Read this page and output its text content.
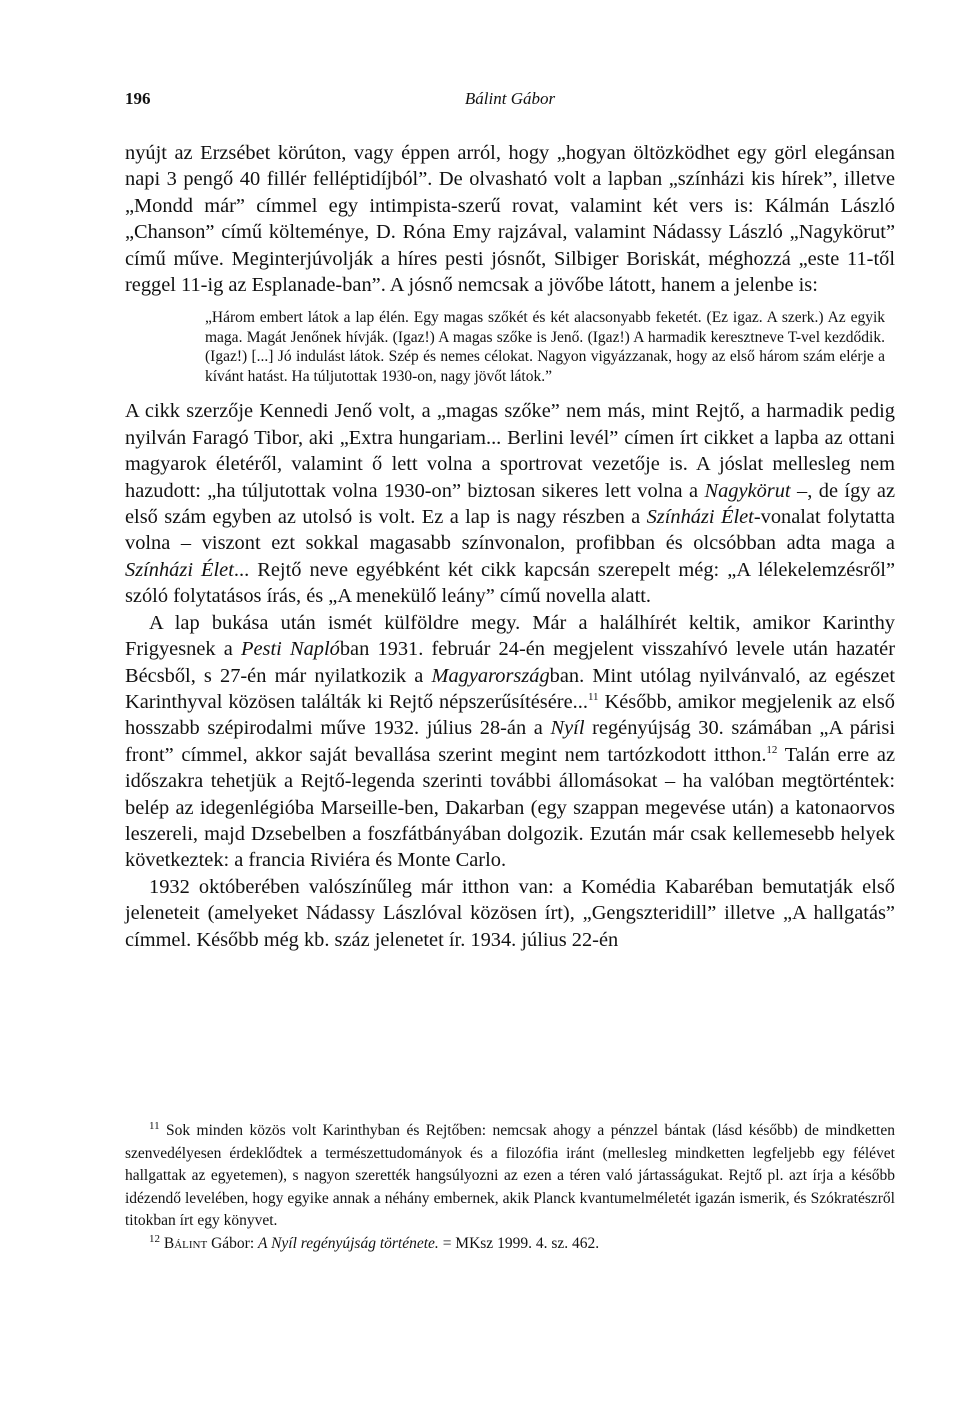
196	Bálint Gábor

nyújt az Erzsébet körúton, vagy éppen arról, hogy „hogyan öltözködhet egy görl elegánsan napi 3 pengő 40 fillér felléptidíjból”. De olvasható volt a lapban „színházi kis hírek”, illetve „Mondd már” címmel egy intimpista-szerű rovat, valamint két vers is: Kálmán László „Chanson” című költeménye, D. Róna Emy rajzával, valamint Nádassy László „Nagykörut” című műve. Meginterjúvolják a híres pesti jósnőt, Silbiger Boriskát, méghozzá „este 11-től reggel 11-ig az Esplanade-ban”. A jósnő nemcsak a jövőbe látott, hanem a jelenbe is:

„Három embert látok a lap élén. Egy magas szőkét és két alacsonyabb feketét. (Ez igaz. A szerk.) Az egyik maga. Magát Jenőnek hívják. (Igaz!) A magas szőke is Jenő. (Igaz!) A harmadik keresztneve T-vel kezdődik. (Igaz!) [...] Jó indulást látok. Szép és nemes célokat. Nagyon vigyázzanak, hogy az első három szám elérje a kívánt hatást. Ha túljutottak 1930-on, nagy jövőt látok.”

A cikk szerzője Kennedi Jenő volt, a „magas szőke” nem más, mint Rejtő, a harmadik pedig nyilván Faragó Tibor, aki „Extra hungariam... Berlini levél” címen írt cikket a lapba az ottani magyarok életéről, valamint ő lett volna a sportrovat vezetője is. A jóslat mellesleg nem hazudott: „ha túljutottak volna 1930-on” biztosan sikeres lett volna a Nagykörut –, de így az első szám egyben az utolsó is volt. Ez a lap is nagy részben a Színházi Élet-vonalat folytatta volna – viszont ezt sokkal magasabb színvonalon, profibban és olcsóbban adta maga a Színházi Élet... Rejtő neve egyébként két cikk kapcsán szerepelt még: „A lélekelemzésről” szóló folytatásos írás, és „A menekülő leány” című novella alatt.

A lap bukása után ismét külföldre megy. Már a halálhírét keltik, amikor Karinthy Frigyesnek a Pesti Naplóban 1931. február 24-én megjelent visszahívó levele után hazatér Bécsből, s 27-én már nyilatkozik a Magyarországban. Mint utólag nyilvánvaló, az egészet Karinthyval közösen találták ki Rejtő népszerűsítésére...$^{11}$ Később, amikor megjelenik az első hosszabb szépirodalmi műve 1932. július 28-án a Nyíl regényújság 30. számában „A párisi front” címmel, akkor saját bevallása szerint megint nem tartózkodott itthon.$^{12}$ Talán erre az időszakra tehetjük a Rejtő-legenda szerinti további állomásokat – ha valóban megtörténtek: belép az idegenlégióba Marseille-ben, Dakarban (egy szappan megevése után) a katonaorvos leszereli, majd Dzsebelben a foszfátbányában dolgozik. Ezután már csak kellemesebb helyek következtek: a francia Riviéra és Monte Carlo.

1932 októberében valószínűleg már itthon van: a Komédia Kabaréban bemutatják első jeleneteit (amelyeket Nádassy Lászlóval közösen írt), „Gengszteridill” illetve „A hallgatás” címmel. Később még kb. száz jelenetet ír. 1934. július 22-én

$^{11}$ Sok minden közös volt Karinthyban és Rejtőben: nemcsak ahogy a pénzzel bántak (lásd később) de mindketten szenvedélyesen érdeklődtek a természettudományok és a filozófia iránt (mellesleg mindketten legfeljebb egy félévet hallgattak az egyetemen), s nagyon szerették hangsúlyozni az ezen a téren való jártasságukat. Rejtő pl. azt írja a később idézendő levelében, hogy egyike annak a néhány embernek, akik Planck kvantumelméletét igazán ismerik, és Szókratészről titokban írt egy könyvet.

$^{12}$ Bálint Gábor: A Nyíl regényújság története. = MKsz 1999. 4. sz. 462.
